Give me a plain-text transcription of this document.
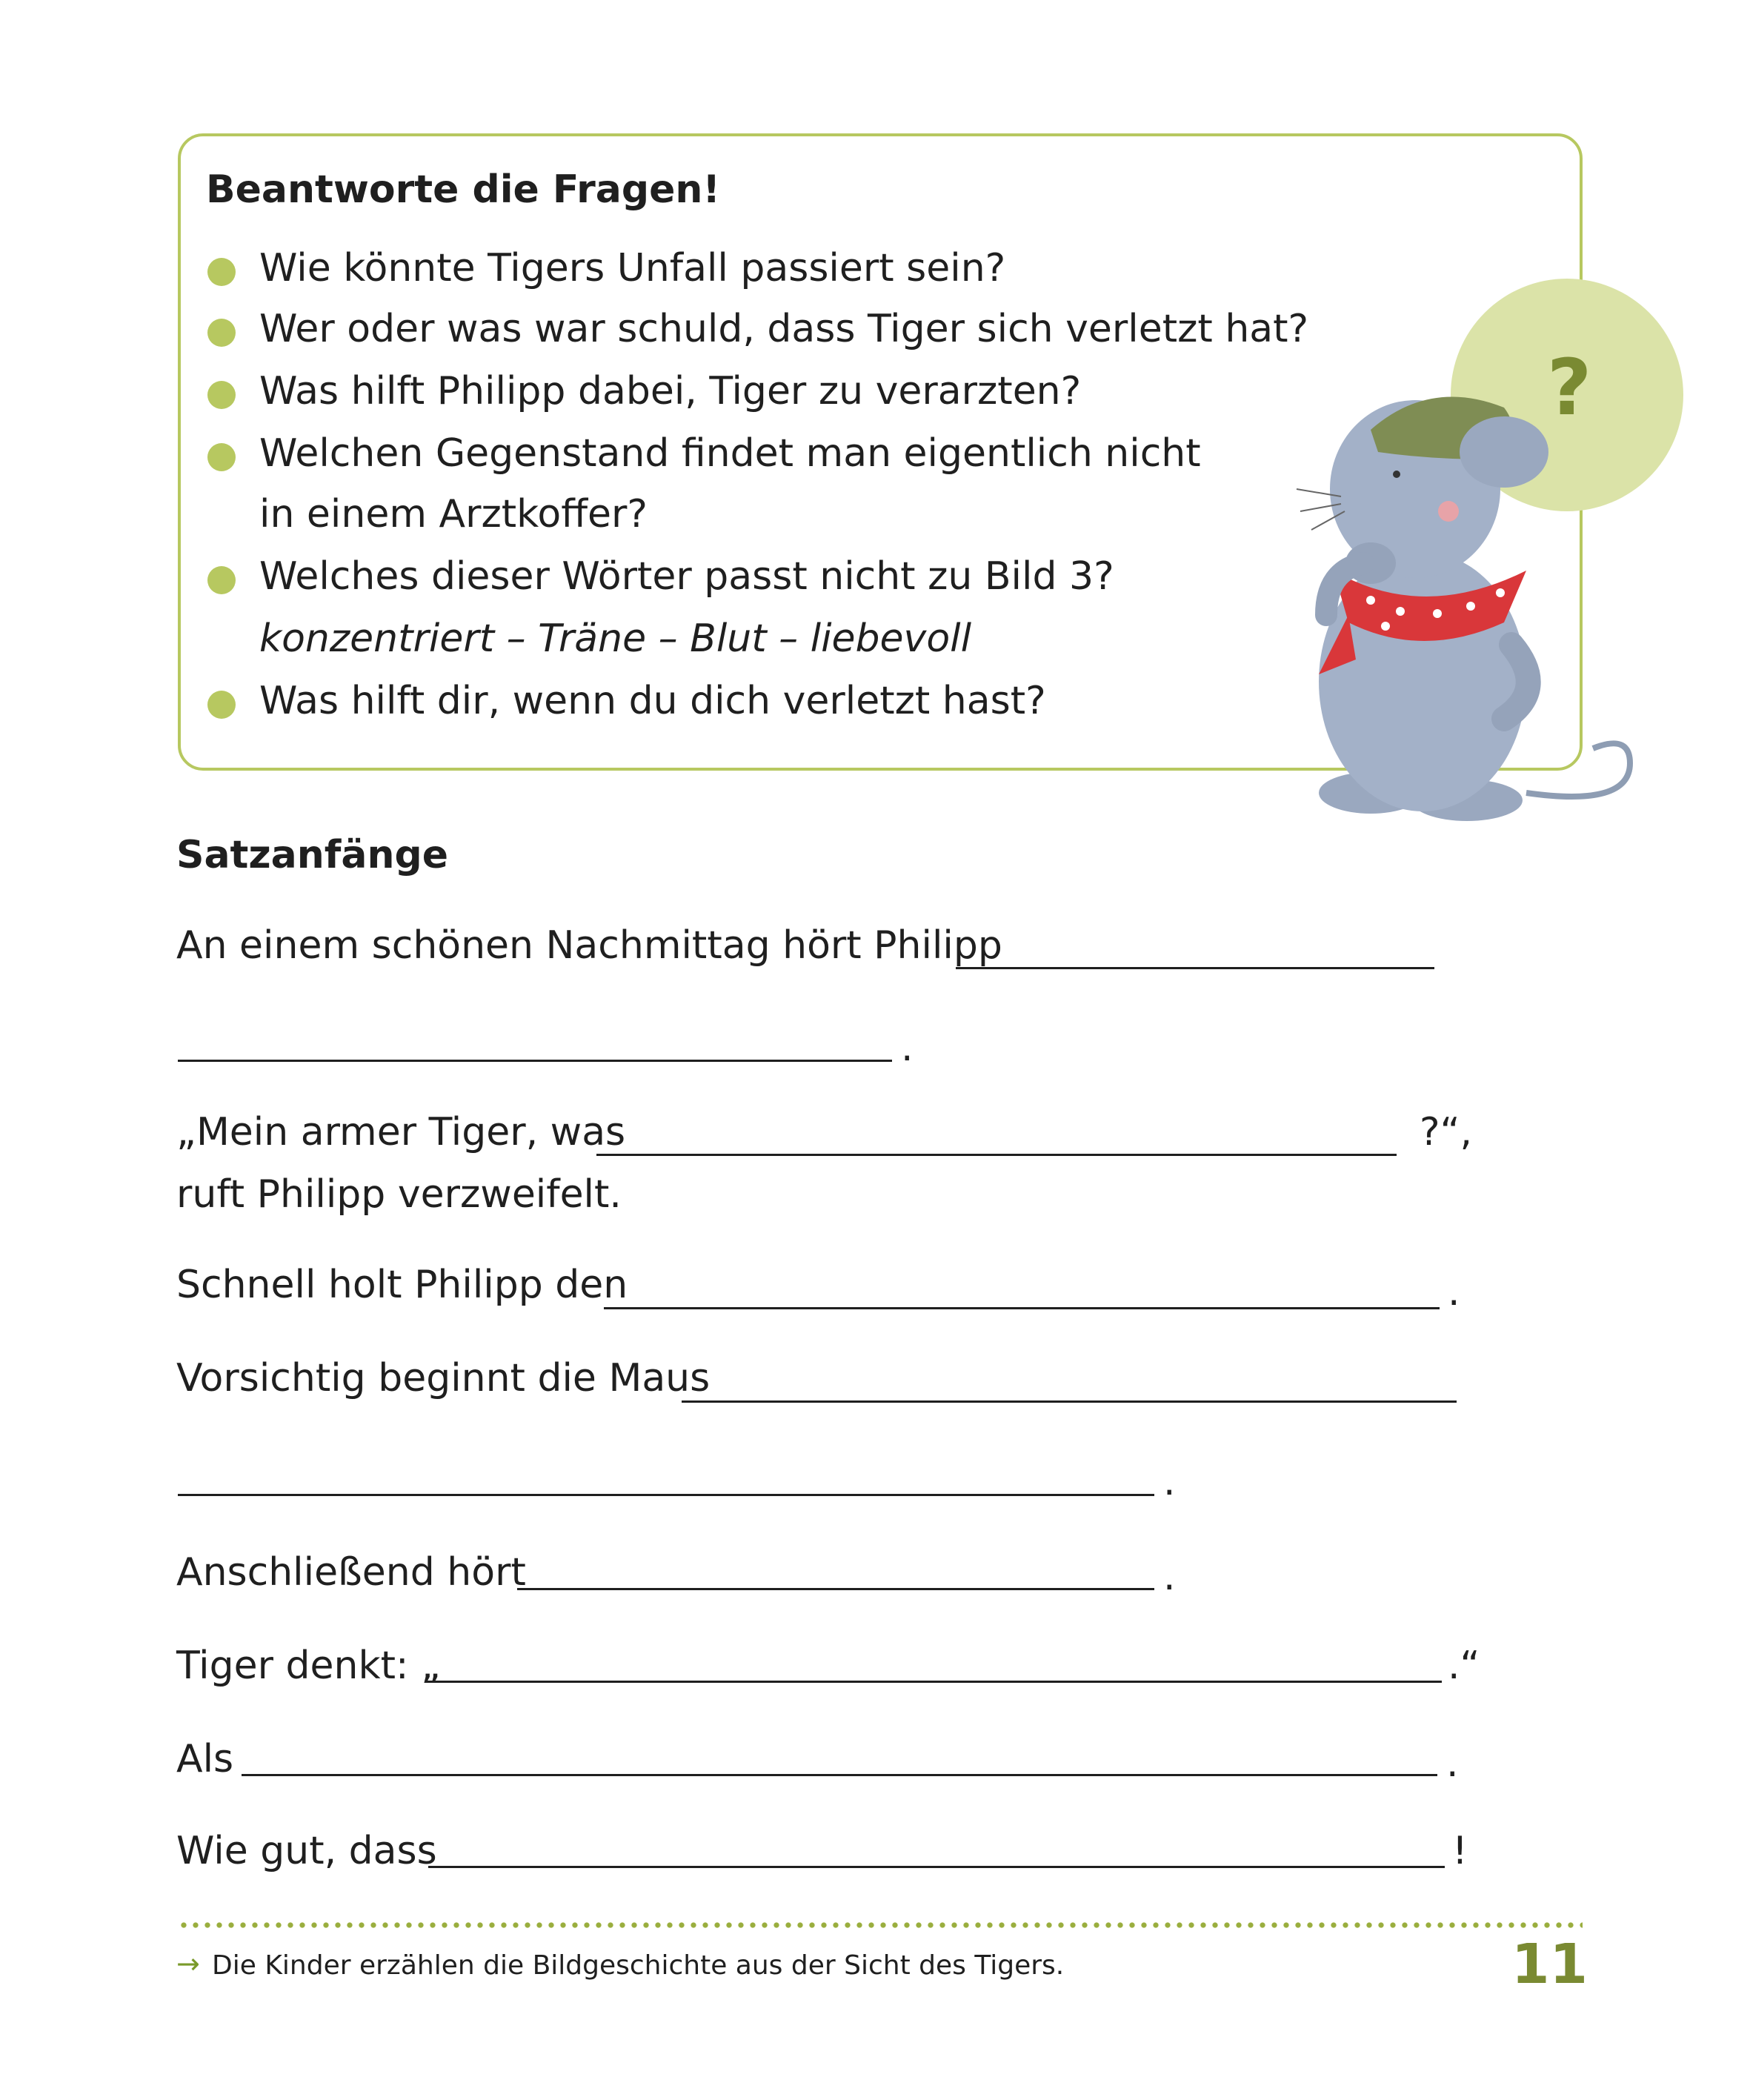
Beantworte die Fragen!
Wie könnte Tigers Unfall passiert sein?
Wer oder was war schuld, dass Tiger sich verletzt hat?
Was hilft Philipp dabei, Tiger zu verarzten?
Welchen Gegenstand findet man eigentlich nicht
in einem Arztkoffer?
Welches dieser Wörter passt nicht zu Bild 3?
konzentriert – Träne – Blut – liebevoll
Was hilft dir, wenn du dich verletzt hast?
?
Satzanfänge
An einem schönen Nachmittag hört Philipp
.
„Mein armer Tiger, was	?“,
ruft Philipp verzweifelt.
Schnell holt Philipp den	.
Vorsichtig beginnt die Maus
.
Anschließend hört	.
Tiger denkt: „	.“
Als	.
Wie gut, dass	!
→ Die Kinder erzählen die Bildgeschichte aus der Sicht des Tigers.	11
